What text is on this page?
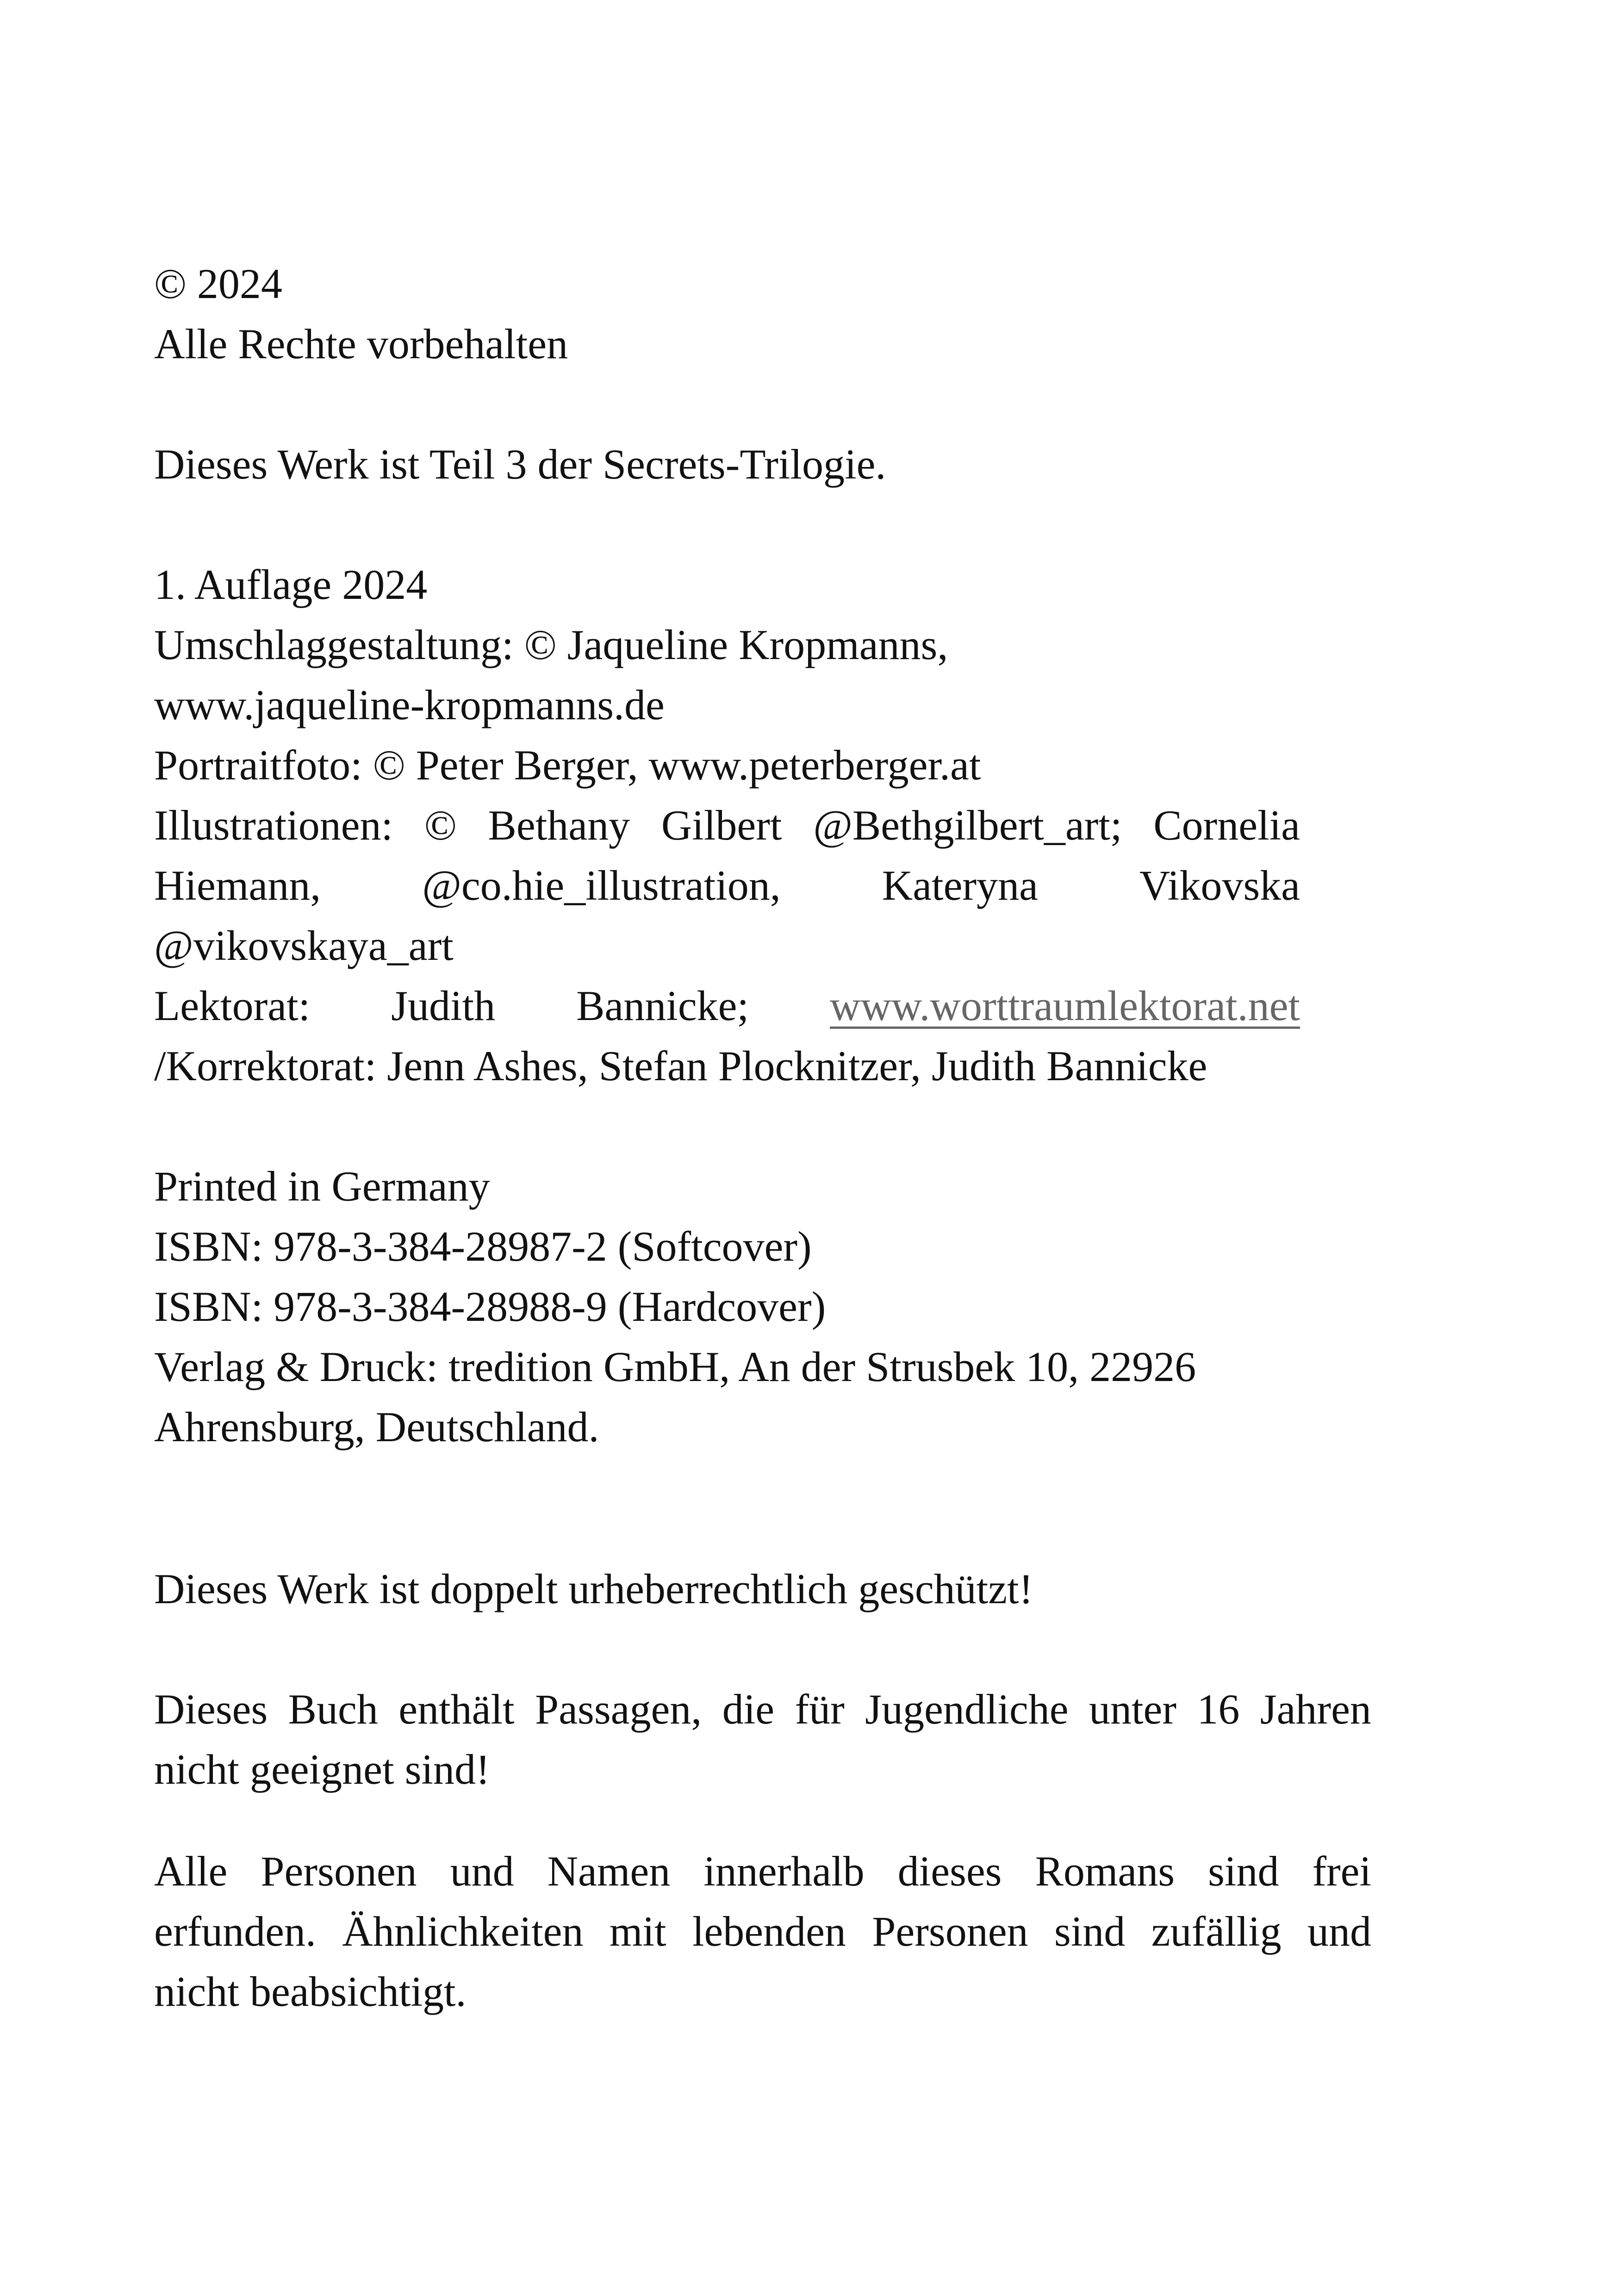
© 2024
Alle Rechte vorbehalten
Dieses Werk ist Teil 3 der Secrets-Trilogie.
1. Auflage 2024
Umschlaggestaltung: © Jaqueline Kropmanns,
www.jaqueline-kropmanns.de
Portraitfoto: © Peter Berger, www.peterberger.at
Illustrationen: © Bethany Gilbert @Bethgilbert_art; Cornelia
Hiemann, @co.hie_illustration, Kateryna Vikovska
@vikovskaya_art
Lektorat: Judith Bannicke; www.worttraumlektorat.net
/Korrektorat: Jenn Ashes, Stefan Plocknitzer, Judith Bannicke
Printed in Germany
ISBN: 978-3-384-28987-2 (Softcover)
ISBN: 978-3-384-28988-9 (Hardcover)
Verlag & Druck: tredition GmbH, An der Strusbek 10, 22926
Ahrensburg, Deutschland.
Dieses Werk ist doppelt urheberrechtlich geschützt!
Dieses Buch enthält Passagen, die für Jugendliche unter 16 Jahren
nicht geeignet sind!
Alle Personen und Namen innerhalb dieses Romans sind frei
erfunden. Ähnlichkeiten mit lebenden Personen sind zufällig und
nicht beabsichtigt.
